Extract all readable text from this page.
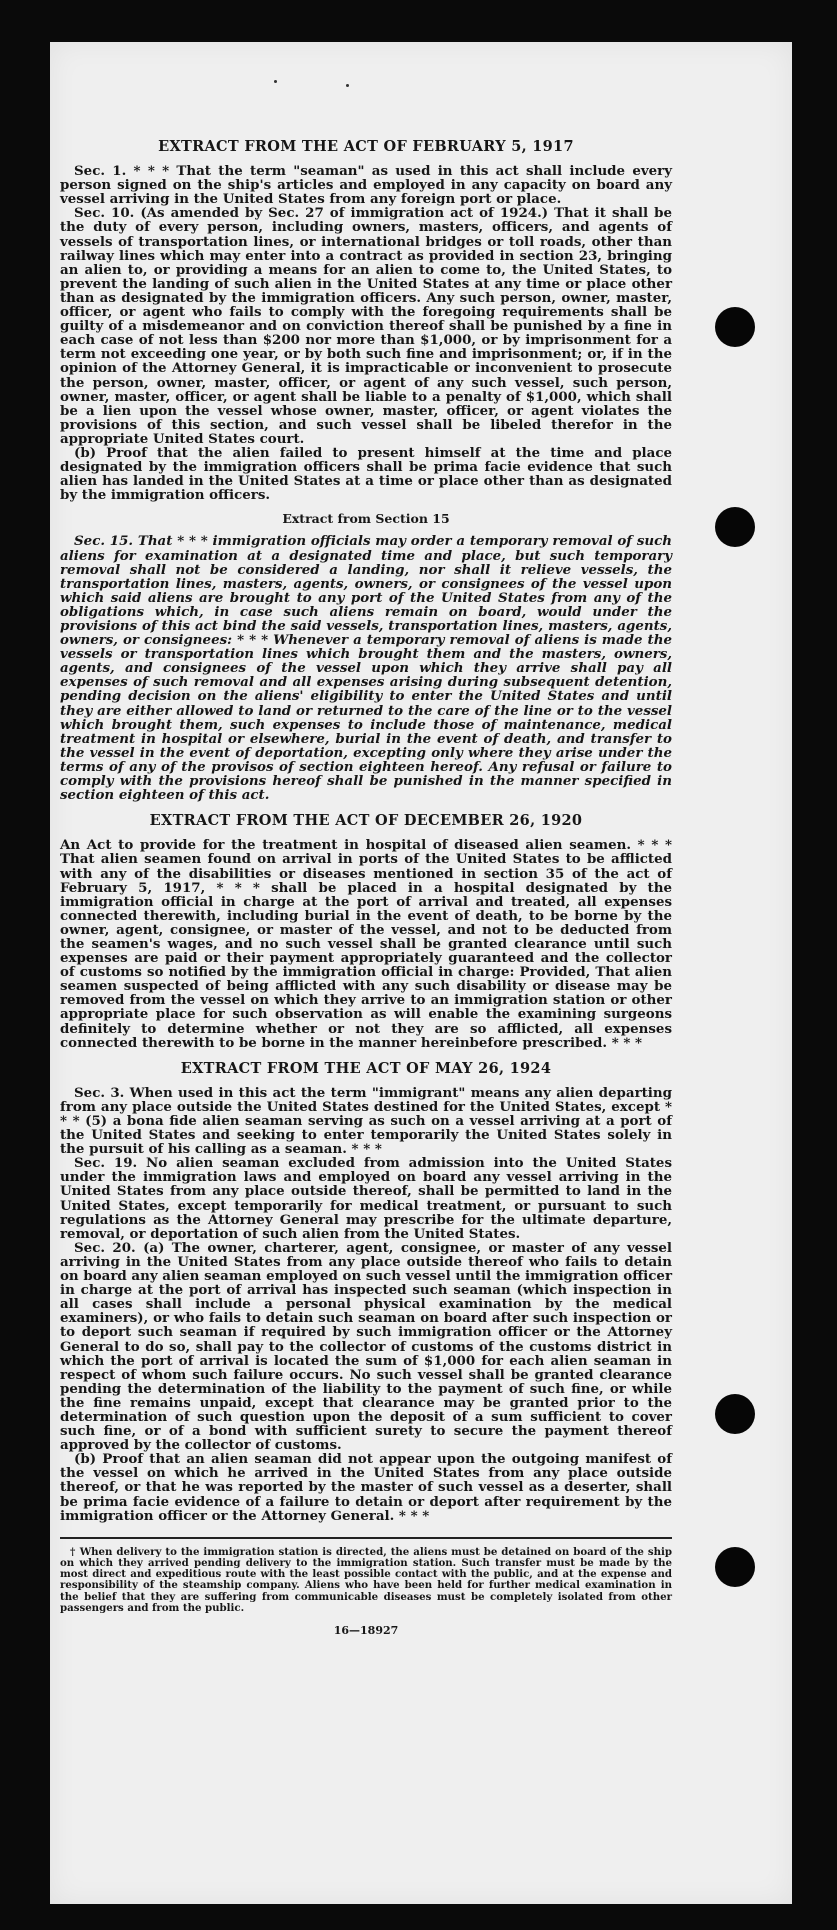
EXTRACT FROM THE ACT OF FEBRUARY 5, 1917

Sec. 1. * * * That the term "seaman" as used in this act shall include every person signed on the ship's articles and employed in any capacity on board any vessel arriving in the United States from any foreign port or place.

Sec. 10. (As amended by Sec. 27 of immigration act of 1924.) That it shall be the duty of every person, including owners, masters, officers, and agents of vessels of transportation lines, or international bridges or toll roads, other than railway lines which may enter into a contract as provided in section 23, bringing an alien to, or providing a means for an alien to come to, the United States, to prevent the landing of such alien in the United States at any time or place other than as designated by the immigration officers. Any such person, owner, master, officer, or agent who fails to comply with the foregoing requirements shall be guilty of a misdemeanor and on conviction thereof shall be punished by a fine in each case of not less than $200 nor more than $1,000, or by imprisonment for a term not exceeding one year, or by both such fine and imprisonment; or, if in the opinion of the Attorney General, it is impracticable or inconvenient to prosecute the person, owner, master, officer, or agent of any such vessel, such person, owner, master, officer, or agent shall be liable to a penalty of $1,000, which shall be a lien upon the vessel whose owner, master, officer, or agent violates the provisions of this section, and such vessel shall be libeled therefor in the appropriate United States court.

(b) Proof that the alien failed to present himself at the time and place designated by the immigration officers shall be prima facie evidence that such alien has landed in the United States at a time or place other than as designated by the immigration officers.

Extract from Section 15

Sec. 15. That * * * immigration officials may order a temporary removal of such aliens for examination at a designated time and place, but such temporary removal shall not be considered a landing, nor shall it relieve vessels, the transportation lines, masters, agents, owners, or consignees of the vessel upon which said aliens are brought to any port of the United States from any of the obligations which, in case such aliens remain on board, would under the provisions of this act bind the said vessels, transportation lines, masters, agents, owners, or consignees: * * * Whenever a temporary removal of aliens is made the vessels or transportation lines which brought them and the masters, owners, agents, and consignees of the vessel upon which they arrive shall pay all expenses of such removal and all expenses arising during subsequent detention, pending decision on the aliens' eligibility to enter the United States and until they are either allowed to land or returned to the care of the line or to the vessel which brought them, such expenses to include those of maintenance, medical treatment in hospital or elsewhere, burial in the event of death, and transfer to the vessel in the event of deportation, excepting only where they arise under the terms of any of the provisos of section eighteen hereof. Any refusal or failure to comply with the provisions hereof shall be punished in the manner specified in section eighteen of this act.

EXTRACT FROM THE ACT OF DECEMBER 26, 1920

An Act to provide for the treatment in hospital of diseased alien seamen. * * * That alien seamen found on arrival in ports of the United States to be afflicted with any of the disabilities or diseases mentioned in section 35 of the act of February 5, 1917, * * * shall be placed in a hospital designated by the immigration official in charge at the port of arrival and treated, all expenses connected therewith, including burial in the event of death, to be borne by the owner, agent, consignee, or master of the vessel, and not to be deducted from the seamen's wages, and no such vessel shall be granted clearance until such expenses are paid or their payment appropriately guaranteed and the collector of customs so notified by the immigration official in charge: Provided, That alien seamen suspected of being afflicted with any such disability or disease may be removed from the vessel on which they arrive to an immigration station or other appropriate place for such observation as will enable the examining surgeons definitely to determine whether or not they are so afflicted, all expenses connected therewith to be borne in the manner hereinbefore prescribed. * * *

EXTRACT FROM THE ACT OF MAY 26, 1924

Sec. 3. When used in this act the term "immigrant" means any alien departing from any place outside the United States destined for the United States, except * * * (5) a bona fide alien seaman serving as such on a vessel arriving at a port of the United States and seeking to enter temporarily the United States solely in the pursuit of his calling as a seaman. * * *

Sec. 19. No alien seaman excluded from admission into the United States under the immigration laws and employed on board any vessel arriving in the United States from any place outside thereof, shall be permitted to land in the United States, except temporarily for medical treatment, or pursuant to such regulations as the Attorney General may prescribe for the ultimate departure, removal, or deportation of such alien from the United States.

Sec. 20. (a) The owner, charterer, agent, consignee, or master of any vessel arriving in the United States from any place outside thereof who fails to detain on board any alien seaman employed on such vessel until the immigration officer in charge at the port of arrival has inspected such seaman (which inspection in all cases shall include a personal physical examination by the medical examiners), or who fails to detain such seaman on board after such inspection or to deport such seaman if required by such immigration officer or the Attorney General to do so, shall pay to the collector of customs of the customs district in which the port of arrival is located the sum of $1,000 for each alien seaman in respect of whom such failure occurs. No such vessel shall be granted clearance pending the determination of the liability to the payment of such fine, or while the fine remains unpaid, except that clearance may be granted prior to the determination of such question upon the deposit of a sum sufficient to cover such fine, or of a bond with sufficient surety to secure the payment thereof approved by the collector of customs.

(b) Proof that an alien seaman did not appear upon the outgoing manifest of the vessel on which he arrived in the United States from any place outside thereof, or that he was reported by the master of such vessel as a deserter, shall be prima facie evidence of a failure to detain or deport after requirement by the immigration officer or the Attorney General. * * *

† When delivery to the immigration station is directed, the aliens must be detained on board of the ship on which they arrived pending delivery to the immigration station. Such transfer must be made by the most direct and expeditious route with the least possible contact with the public, and at the expense and responsibility of the steamship company. Aliens who have been held for further medical examination in the belief that they are suffering from communicable diseases must be completely isolated from other passengers and from the public.

16—18927
